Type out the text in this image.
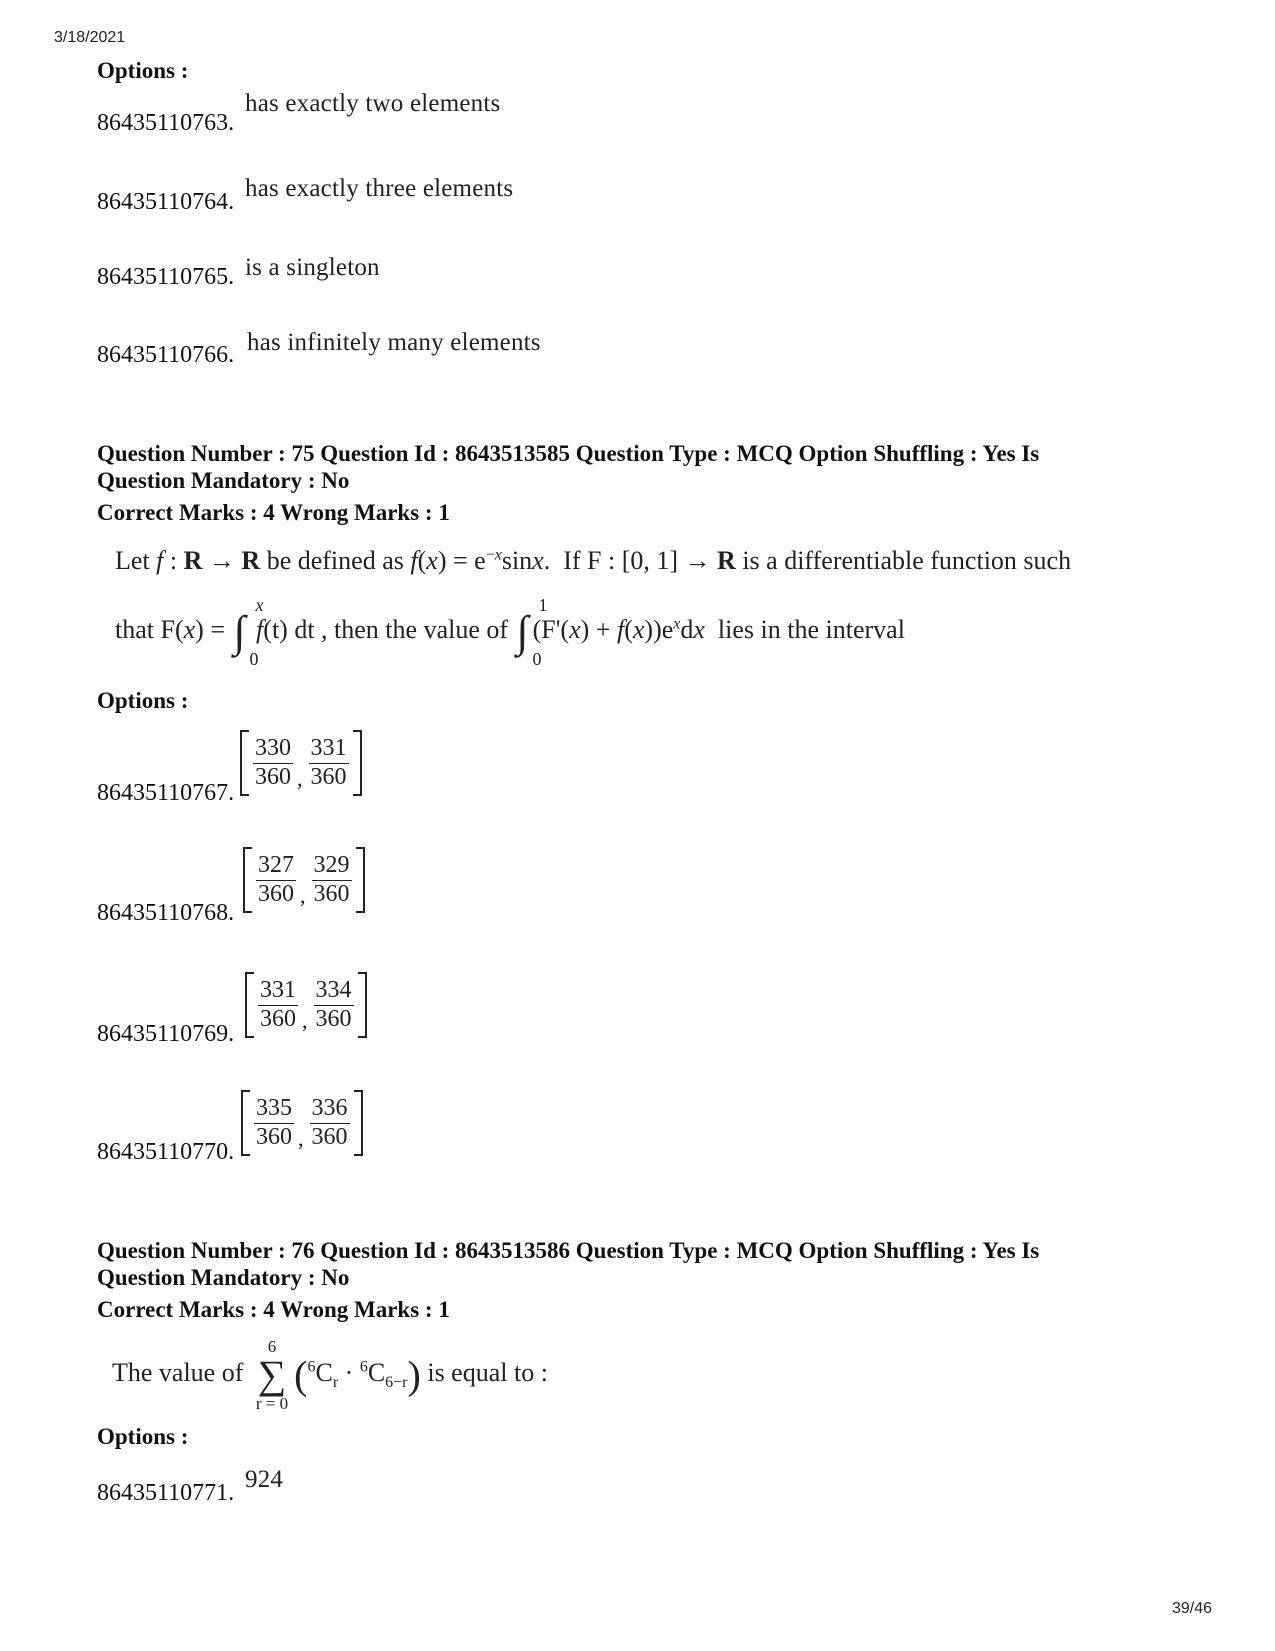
3/18/2021
39/46
Options :
86435110763.
has exactly two elements
86435110764. has exactly three elements
86435110765. is a singleton
86435110766. has infinitely many elements
Question Number : 75 Question Id : 8643513585 Question Type : MCQ Option Shuffling : Yes Is
Question Mandatory : No
Correct Marks : 4 Wrong Marks : 1
Let f : R → R be defined as $f(x) = e^{-x}\sin x$.  If F : [0, 1] → R is a differentiable function such
that F(x) = ∫
x
0
f(t) dt , then the value of ∫
1
0
$(F'(x) + f(x))e^xdx$  lies in the interval
Options :
86435110767.
$\frac{330}{360}$ , $\frac{331}{360}$
86435110768.
$\frac{327}{360}$ , $\frac{329}{360}$
86435110769.
$\frac{331}{360}$ , $\frac{334}{360}$
86435110770.
$\frac{335}{360}$ , $\frac{336}{360}$
Question Number : 76 Question Id : 8643513586 Question Type : MCQ Option Shuffling : Yes Is
Question Mandatory : No
Correct Marks : 4 Wrong Marks : 1
The value of
6
∑
r = 0
$(^6C_r \cdot ^6C_{6-r})$ is equal to :
Options :
86435110771. 924
